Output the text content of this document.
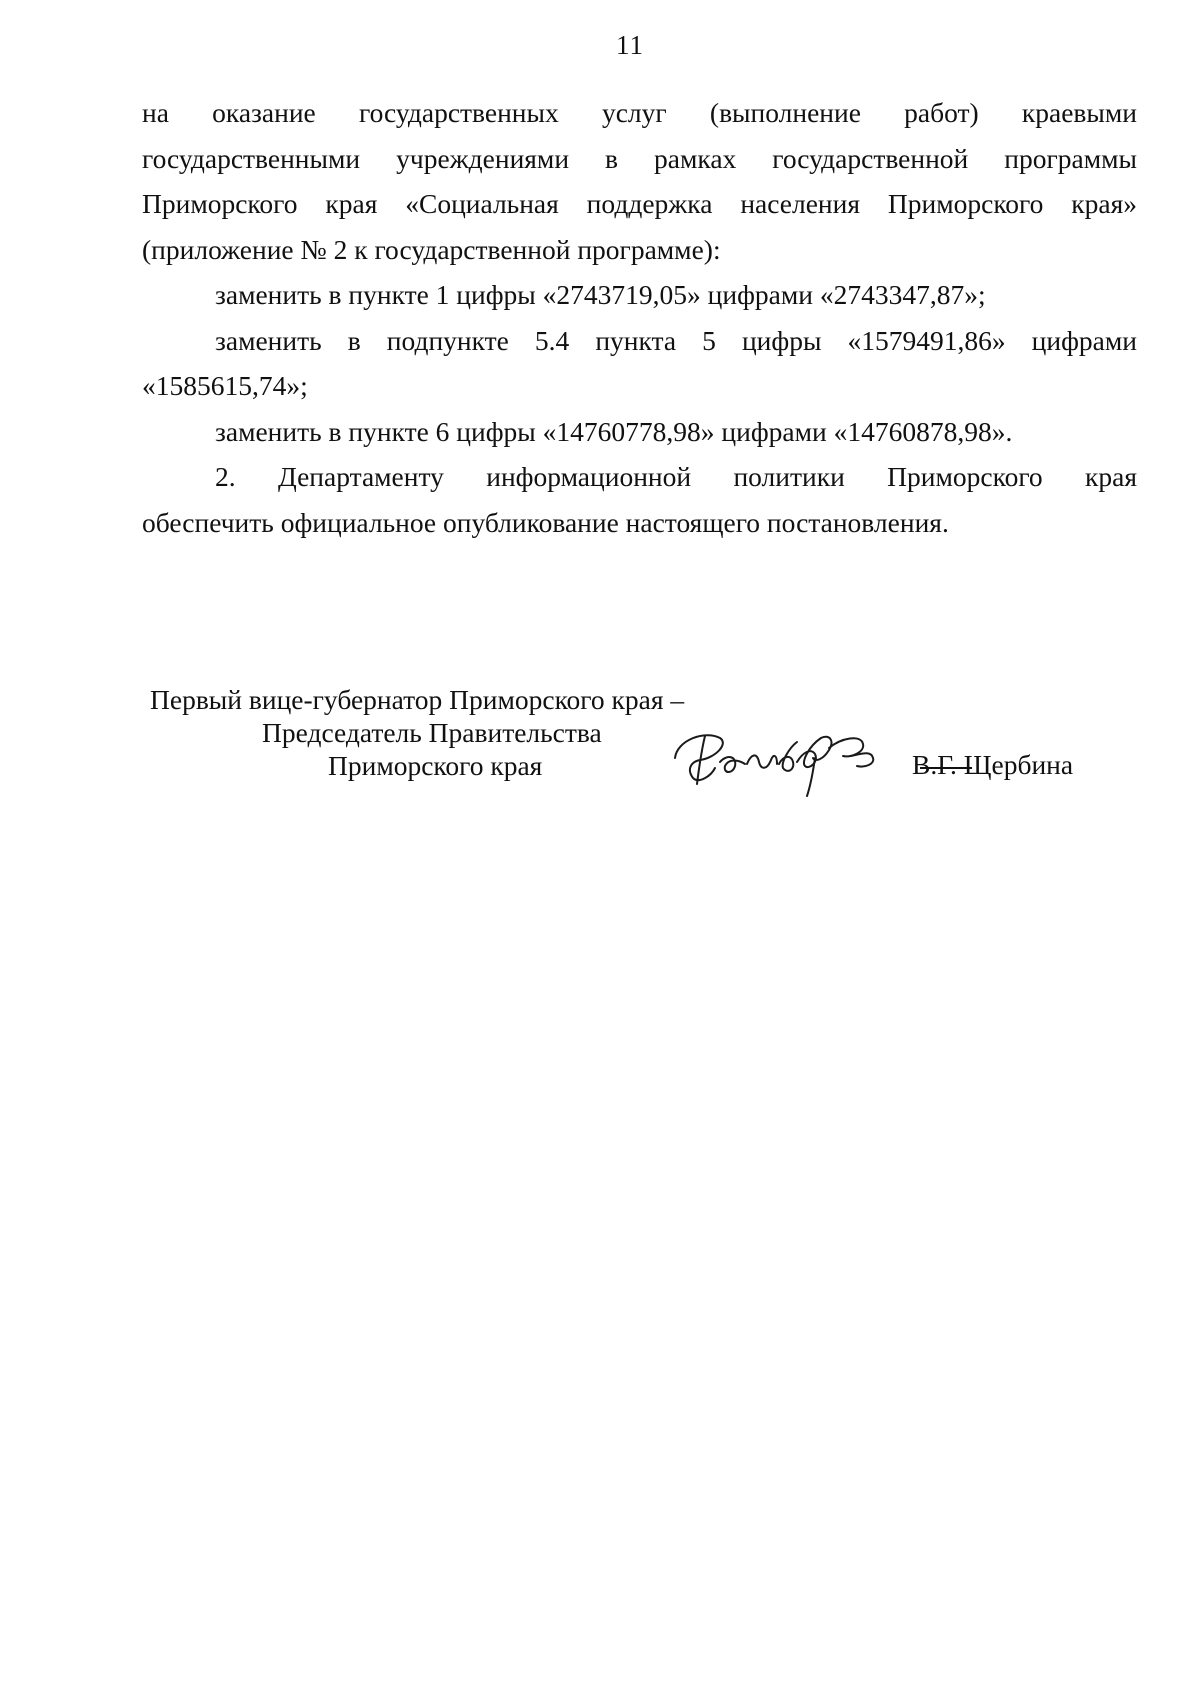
11

на оказание государственных услуг (выполнение работ) краевыми

государственными учреждениями в рамках государственной программы

Приморского края «Социальная поддержка населения Приморского края»

(приложение № 2 к государственной программе):

заменить в пункте 1 цифры «2743719,05» цифрами «2743347,87»;

заменить в подпункте 5.4 пункта 5 цифры «1579491,86» цифрами

«1585615,74»;

заменить в пункте 6 цифры «14760778,98» цифрами «14760878,98».

2. Департаменту информационной политики Приморского края

обеспечить официальное опубликование настоящего постановления.

Первый вице-губернатор Приморского края –
Председатель Правительства
Приморского края	В.Г. Щербина
